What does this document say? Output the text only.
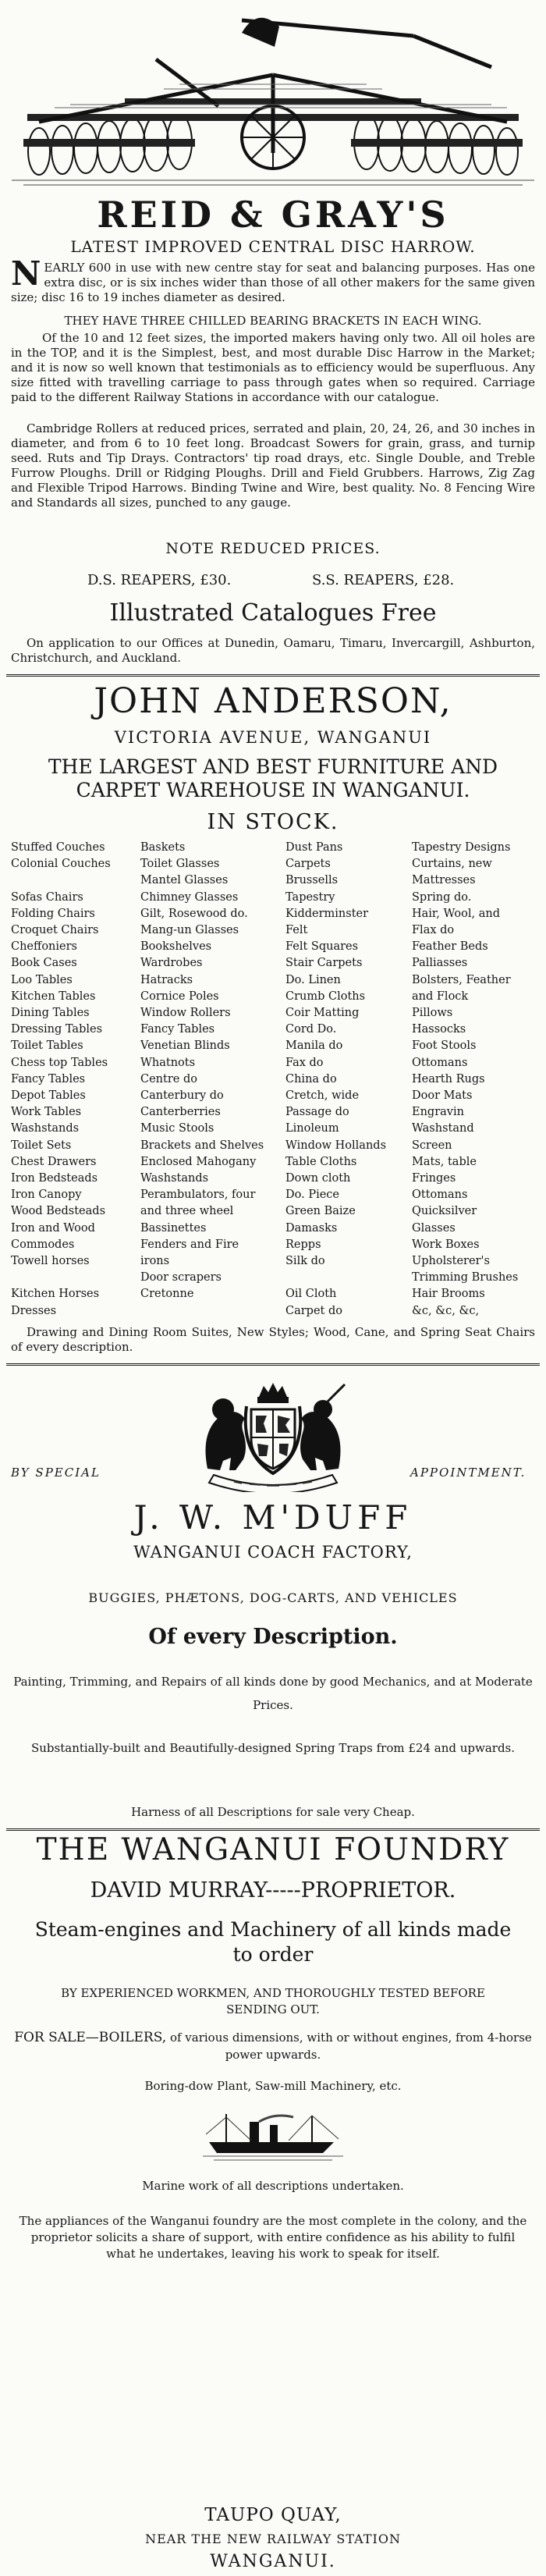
REID & GRAY'S
LATEST IMPROVED CENTRAL DISC HARROW.
NEARLY 600 in use with new centre stay for seat and balancing purposes. Has one extra disc, or is six inches wider than those of all other makers for the same given size; disc 16 to 19 inches diameter as desired.
THEY HAVE THREE CHILLED BEARING BRACKETS IN EACH WING.
Of the 10 and 12 feet sizes, the imported makers having only two. All oil holes are in the TOP, and it is the Simplest, best, and most durable Disc Harrow in the Market; and it is now so well known that testimonials as to efficiency would be superfluous. Any size fitted with travelling carriage to pass through gates when so required. Carriage paid to the different Railway Stations in accordance with our catalogue.
Cambridge Rollers at reduced prices, serrated and plain, 20, 24, 26, and 30 inches in diameter, and from 6 to 10 feet long. Broadcast Sowers for grain, grass, and turnip seed. Ruts and Tip Drays. Contractors' tip road drays, etc. Single Double, and Treble Furrow Ploughs. Drill or Ridging Ploughs. Drill and Field Grubbers. Harrows, Zig Zag and Flexible Tripod Harrows. Binding Twine and Wire, best quality. No. 8 Fencing Wire and Standards all sizes, punched to any gauge.
NOTE REDUCED PRICES.
D.S. REAPERS, £30.	S.S. REAPERS, £28.
Illustrated Catalogues Free
On application to our Offices at Dunedin, Oamaru, Timaru, Invercargill, Ashburton, Christchurch, and Auckland.
JOHN ANDERSON,
VICTORIA AVENUE, WANGANUI
THE LARGEST AND BEST FURNITURE AND CARPET WAREHOUSE IN WANGANUI.
IN STOCK.
Stuffed Couches
Colonial Couches

Sofas Chairs
Folding Chairs
Croquet Chairs
Cheffoniers
Book Cases
Loo Tables
Kitchen Tables
Dining Tables
Dressing Tables
Toilet Tables
Chess top Tables
Fancy Tables
Depot Tables
Work Tables
Washstands
Toilet Sets
Chest Drawers
Iron Bedsteads
Iron Canopy
Wood Bedsteads
Iron and Wood
Commodes
Towell horses

Kitchen Horses
Dresses
Baskets
Toilet Glasses
Mantel Glasses
Chimney Glasses
Gilt, Rosewood do.
Mang-un Glasses
Bookshelves
Wardrobes
Hatracks
Cornice Poles
Window Rollers
Fancy Tables
Venetian Blinds
Whatnots
Centre do
Canterbury do
Canterberries
Music Stools
Brackets and Shelves
Enclosed Mahogany
Washstands
Perambulators, four
and three wheel
Bassinettes
Fenders and Fire
irons
Door scrapers
Cretonne
Dust Pans
Carpets
Brussells
Tapestry
Kidderminster
Felt
Felt Squares
Stair Carpets
Do. Linen
Crumb Cloths
Coir Matting
Cord Do.
Manila do
Fax do
China do
Cretch, wide
Passage do
Linoleum
Window Hollands
Table Cloths
Down cloth
Do. Piece
Green Baize
Damasks
Repps
Silk do

Oil Cloth
Carpet do
Tapestry Designs
Curtains, new
Mattresses
Spring do.
Hair, Wool, and
Flax do
Feather Beds
Palliasses
Bolsters, Feather
and Flock
Pillows
Hassocks
Foot Stools
Ottomans
Hearth Rugs
Door Mats
Engravin
Washstand
Screen
Mats, table
Fringes
Ottomans
Quicksilver
Glasses
Work Boxes
Upholsterer's
Trimming Brushes
Hair Brooms
&c, &c, &c,
Drawing and Dining Room Suites, New Styles; Wood, Cane, and Spring Seat Chairs of every description.
BY SPECIAL	APPOINTMENT.
J. W. M'DUFF
WANGANUI COACH FACTORY,
BUGGIES, PHÆTONS, DOG-CARTS, AND VEHICLES
Of every Description.
Painting, Trimming, and Repairs of all kinds done by good Mechanics, and at Moderate Prices.
Substantially-built and Beautifully-designed Spring Traps from £24 and upwards.
Harness of all Descriptions for sale very Cheap.
THE WANGANUI FOUNDRY
DAVID MURRAY-----PROPRIETOR.
Steam-engines and Machinery of all kinds made to order
BY EXPERIENCED WORKMEN, AND THOROUGHLY TESTED BEFORE SENDING OUT.
FOR SALE—BOILERS, of various dimensions, with or without engines, from 4-horse power upwards.
Boring-dow Plant, Saw-mill Machinery, etc.
Marine work of all descriptions undertaken.
The appliances of the Wanganui foundry are the most complete in the colony, and the proprietor solicits a share of support, with entire confidence as his ability to fulfil what he undertakes, leaving his work to speak for itself.
TAUPO QUAY,
NEAR THE NEW RAILWAY STATION
WANGANUI.
